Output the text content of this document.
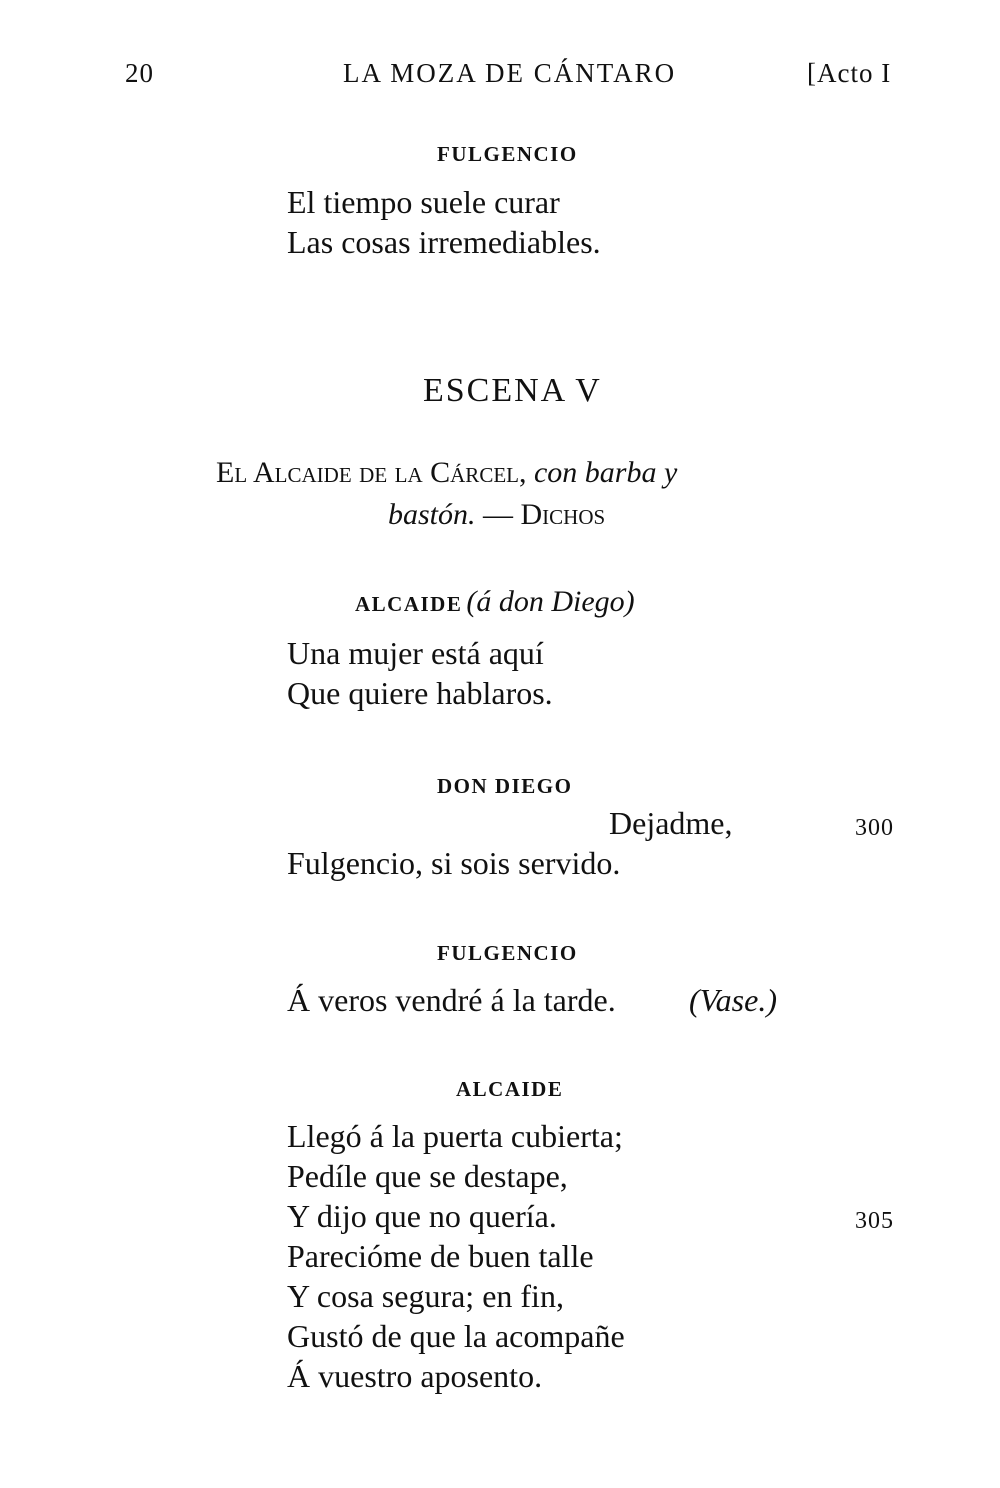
20	LA MOZA DE CÁNTARO	[Acto I
FULGENCIO
El tiempo suele curar
Las cosas irremediables.
ESCENA V
El Alcaide de la Cárcel, con barba y
bastón. — Dichos
ALCAIDE (á don Diego)
Una mujer está aquí
Que quiere hablaros.
DON DIEGO
Dejadme,	300
Fulgencio, si sois servido.
FULGENCIO
Á veros vendré á la tarde. (Vase.)
ALCAIDE
Llegó á la puerta cubierta;
Pedíle que se destape,
Y dijo que no quería.	305
Parecióme de buen talle
Y cosa segura; en fin,
Gustó de que la acompañe
Á vuestro aposento.
